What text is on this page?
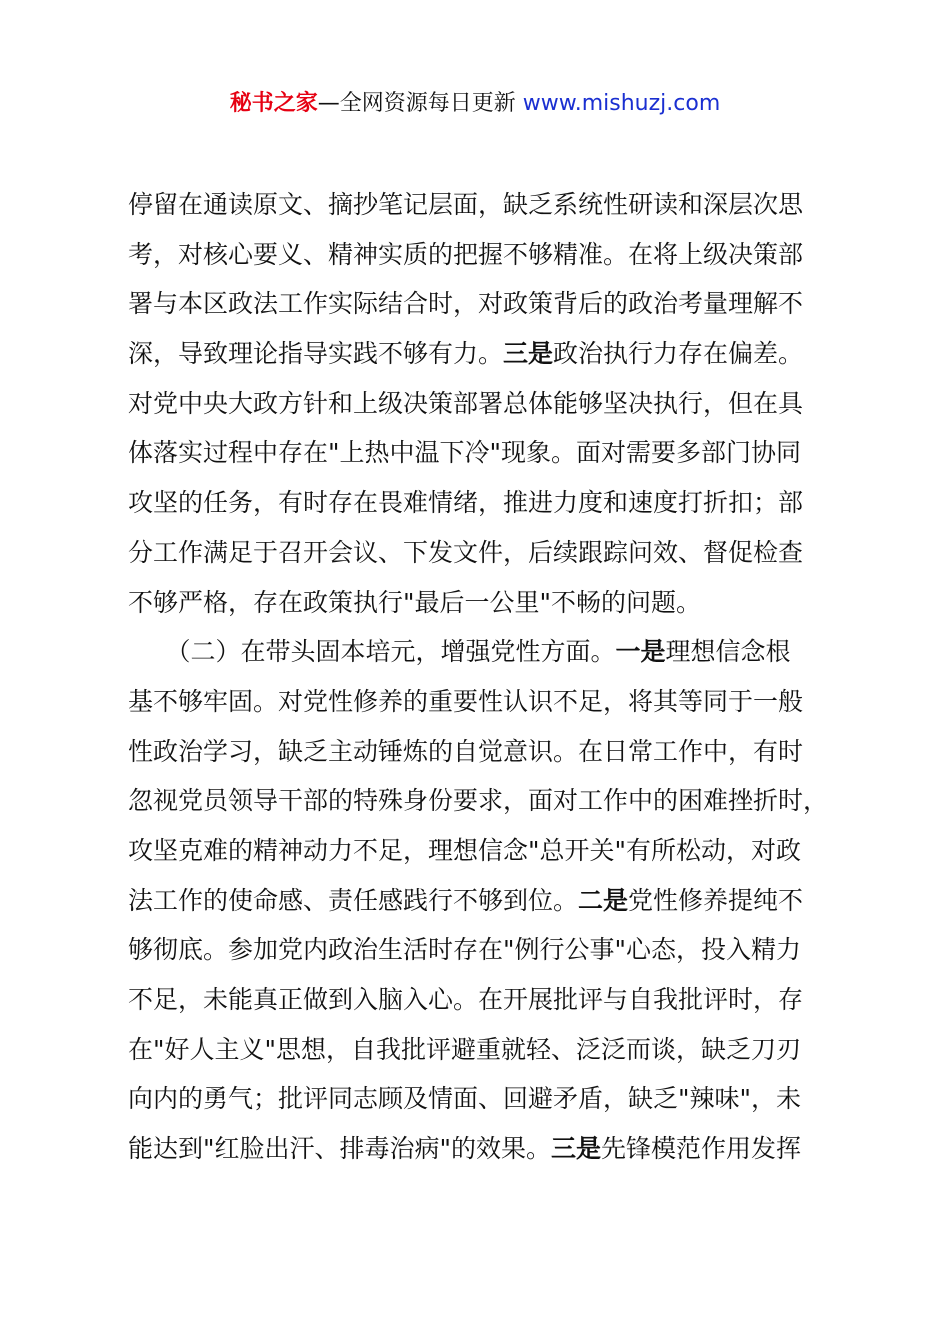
秘书之家—全网资源每日更新 www.mishuzj.com
停留在通读原文、摘抄笔记层面，缺乏系统性研读和深层次思
考，对核心要义、精神实质的把握不够精准。在将上级决策部
署与本区政法工作实际结合时，对政策背后的政治考量理解不
深，导致理论指导实践不够有力。三是政治执行力存在偏差。
对党中央大政方针和上级决策部署总体能够坚决执行，但在具
体落实过程中存在"上热中温下冷"现象。面对需要多部门协同
攻坚的任务，有时存在畏难情绪，推进力度和速度打折扣；部
分工作满足于召开会议、下发文件，后续跟踪问效、督促检查
不够严格，存在政策执行"最后一公里"不畅的问题。
　　（二）在带头固本培元，增强党性方面。一是理想信念根
基不够牢固。对党性修养的重要性认识不足，将其等同于一般
性政治学习，缺乏主动锤炼的自觉意识。在日常工作中，有时
忽视党员领导干部的特殊身份要求，面对工作中的困难挫折时，
攻坚克难的精神动力不足，理想信念"总开关"有所松动，对政
法工作的使命感、责任感践行不够到位。二是党性修养提纯不
够彻底。参加党内政治生活时存在"例行公事"心态，投入精力
不足，未能真正做到入脑入心。在开展批评与自我批评时，存
在"好人主义"思想，自我批评避重就轻、泛泛而谈，缺乏刀刃
向内的勇气；批评同志顾及情面、回避矛盾，缺乏"辣味"，未
能达到"红脸出汗、排毒治病"的效果。三是先锋模范作用发挥
